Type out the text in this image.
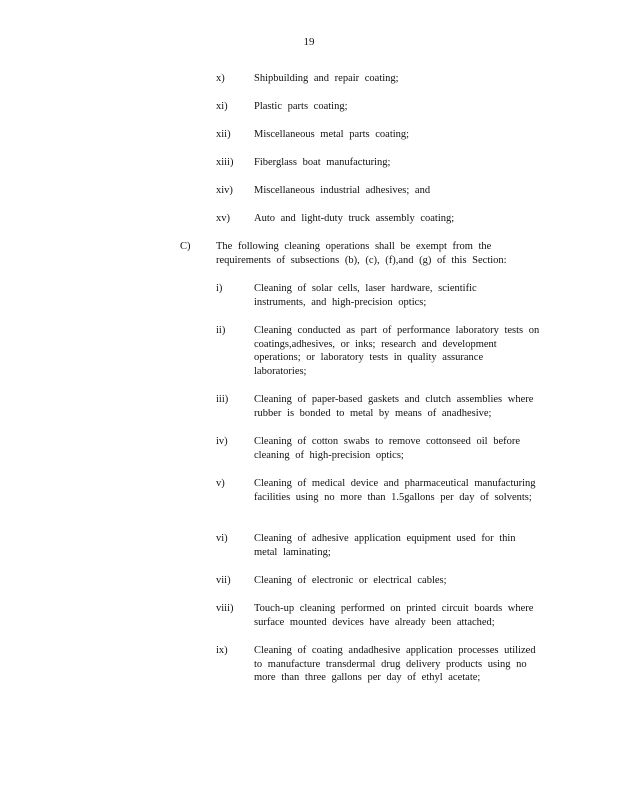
19
x)	Shipbuilding and repair coating;
xi)	Plastic parts coating;
xii) Miscellaneous metal parts coating;
xiii) Fiberglass boat manufacturing;
xiv) Miscellaneous industrial adhesives; and
xv) Auto and light-duty truck assembly coating;
C) The following cleaning operations shall be exempt from the requirements of subsections (b), (c), (f),and (g) of this Section:
i)	Cleaning of solar cells, laser hardware, scientific instruments, and high-precision optics;
ii)	Cleaning conducted as part of performance laboratory tests on coatings,adhesives, or inks; research and development operations; or laboratory tests in quality assurance laboratories;
iii) Cleaning of paper-based gaskets and clutch assemblies where rubber is bonded to metal by means of anadhesive;
iv)	Cleaning of cotton swabs to remove cottonseed oil before cleaning of high-precision optics;
v)	Cleaning of medical device and pharmaceutical manufacturing facilities using no more than 1.5gallons per day of solvents;
vi)	Cleaning of adhesive application equipment used for thin metal laminating;
vii) Cleaning of electronic or electrical cables;
viii) Touch-up cleaning performed on printed circuit boards where surface mounted devices have already been attached;
ix)	Cleaning of coating andadhesive application processes utilized to manufacture transdermal drug delivery products using no more than three gallons per day of ethyl acetate;
